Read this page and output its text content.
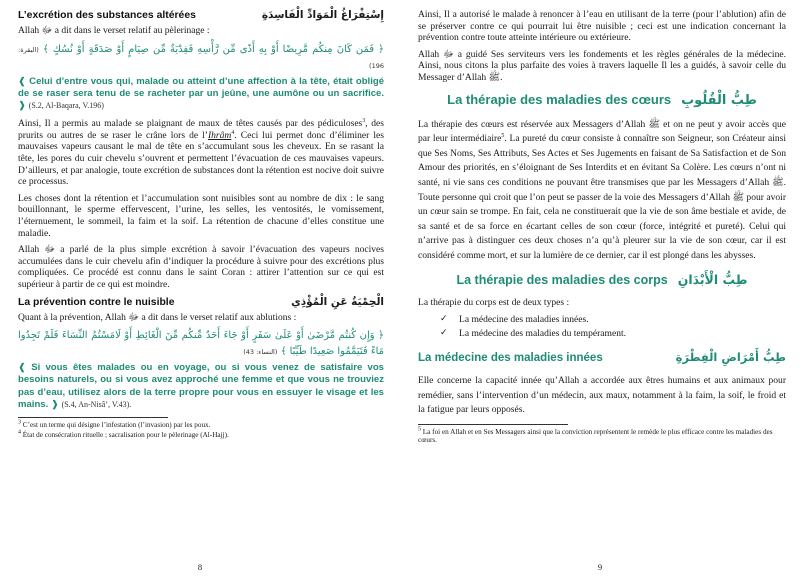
L’excrétion des substances altérées	إِسْتِفْرَاغُ الْمَوَادِّ الْفَاسِدَةِ

Allah ﷻ a dit dans le verset relatif au pèlerinage :

﴿ فَمَن كَانَ مِنكُم مَّرِيضًا أَوْ بِهِ أَذًى مِّن رَّأْسِهِ فَفِدْيَةٌ مِّن صِيَامٍ أَوْ صَدَقَةٍ أَوْ نُسُكٍ ﴾ (البقرة: 196)

❰ Celui d’entre vous qui, malade ou atteint d’une affection à la tête, était obligé de se raser sera tenu de se racheter par un jeûne, une aumône ou un sacrifice. ❱ (S.2, Al-Baqara, V.196)

Ainsi, Il a permis au malade se plaignant de maux de têtes causés par des pédiculoses$^3$, des prurits ou autres de se raser le crâne lors de l’Ihrâm$^4$. Ceci lui permet donc d’éliminer les mauvaises vapeurs causant le mal de tête en s’accumulant sous les cheveux. En se rasant la tête, les pores du cuir chevelu s’ouvrent et permettent l’évacuation de ces mauvaises vapeurs. D’ailleurs, et par analogie, toute excrétion de substances dont la rétention est nocive doit suivre ce processus.

Les choses dont la rétention et l’accumulation sont nuisibles sont au nombre de dix : le sang bouillonnant, le sperme effervescent, l’urine, les selles, les ventosités, le vomissement, l’éternuement, le sommeil, la faim et la soif. La rétention de chacune d’elles constitue une maladie.

Allah ﷻ a parlé de la plus simple excrétion à savoir l’évacuation des vapeurs nocives accumulées dans le cuir chevelu afin d’indiquer la procédure à suivre pour des excrétions plus compliquées. Ce procédé est connu dans le saint Coran : attirer l’attention sur ce qui est supérieur à partir de ce qui est moindre.

La prévention contre le nuisible	الْحِمْيَةُ عَنِ الْمُؤْذِي

Quant à la prévention, Allah ﷻ a dit dans le verset relatif aux ablutions :

﴿ وَإِن كُنتُم مَّرْضَىٰ أَوْ عَلَىٰ سَفَرٍ أَوْ جَاءَ أَحَدٌ مِّنكُم مِّنَ الْغَائِطِ أَوْ لَامَسْتُمُ النِّسَاءَ فَلَمْ تَجِدُوا مَاءً فَتَيَمَّمُوا صَعِيدًا طَيِّبًا ﴾ (النساء: 43)

❰ Si vous êtes malades ou en voyage, ou si vous venez de satisfaire vos besoins naturels, ou si vous avez approché une femme et que vous ne trouviez pas d’eau, utilisez alors de la terre propre pour vous en essuyer le visage et les mains. ❱ (S.4, An-Nisâ’, V.43).

$^3$ C’est un terme qui désigne l’infestation (l’invasion) par les poux.

$^4$ État de consécration rituelle ; sacralisation pour le pèlerinage (Al-Hajj).

8

Ainsi, Il a autorisé le malade à renoncer à l’eau en utilisant de la terre (pour l’ablution) afin de se préserver contre ce qui pourrait lui être nuisible ; ceci est une indication concernant la prévention contre toute atteinte intérieure ou extérieure.

Allah ﷻ a guidé Ses serviteurs vers les fondements et les règles générales de la médecine. Ainsi, nous citons la plus parfaite des voies à travers laquelle Il les a guidés, à savoir celle du Messager d’Allah ﷺ.

La thérapie des maladies des cœurs طِبُّ الْقُلُوبِ

La thérapie des cœurs est réservée aux Messagers d’Allah ﷺ et on ne peut y avoir accès que par leur intermédiaire$^5$. La pureté du cœur consiste à connaître son Seigneur, son Créateur ainsi que Ses Noms, Ses Attributs, Ses Actes et Ses Jugements en faisant de Sa Satisfaction et de Son Amour des priorités, en s’éloignant de Ses Interdits et en évitant Sa Colère. Les cœurs n’ont ni santé, ni vie sans ces conditions ne pouvant être transmises que par les Messagers d’Allah ﷺ. Toute personne qui croit que l’on peut se passer de la voie des Messagers d’Allah ﷺ pour avoir un cœur sain se trompe. En fait, cela ne constituerait que la vie de son âme bestiale et avide, de sa santé et de sa force en écartant celles de son cœur (force, intégrité et pureté). Celui qui n’arrive pas à distinguer ces deux choses n’a qu’à pleurer sur la vie de son cœur, car il est considéré comme mort, et sur la lumière de ce dernier, car il est plongé dans les abysses.

La thérapie des maladies des corps طِبُّ الْأَبْدَانِ

La thérapie du corps est de deux types :

✓ La médecine des maladies innées.
✓ La médecine des maladies du tempérament.
La médecine des maladies innées	طِبُّ أَمْرَاضِ الْفِطْرَةِ

Elle concerne la capacité innée qu’Allah a accordée aux êtres humains et aux animaux pour remédier, sans l’intervention d’un médecin, aux maux, notamment à la faim, la soif, le froid et la fatigue par leurs opposés.

$^5$ La foi en Allah et en Ses Messagers ainsi que la conviction représentent le remède le plus efficace contre les maladies des cœurs.

9
